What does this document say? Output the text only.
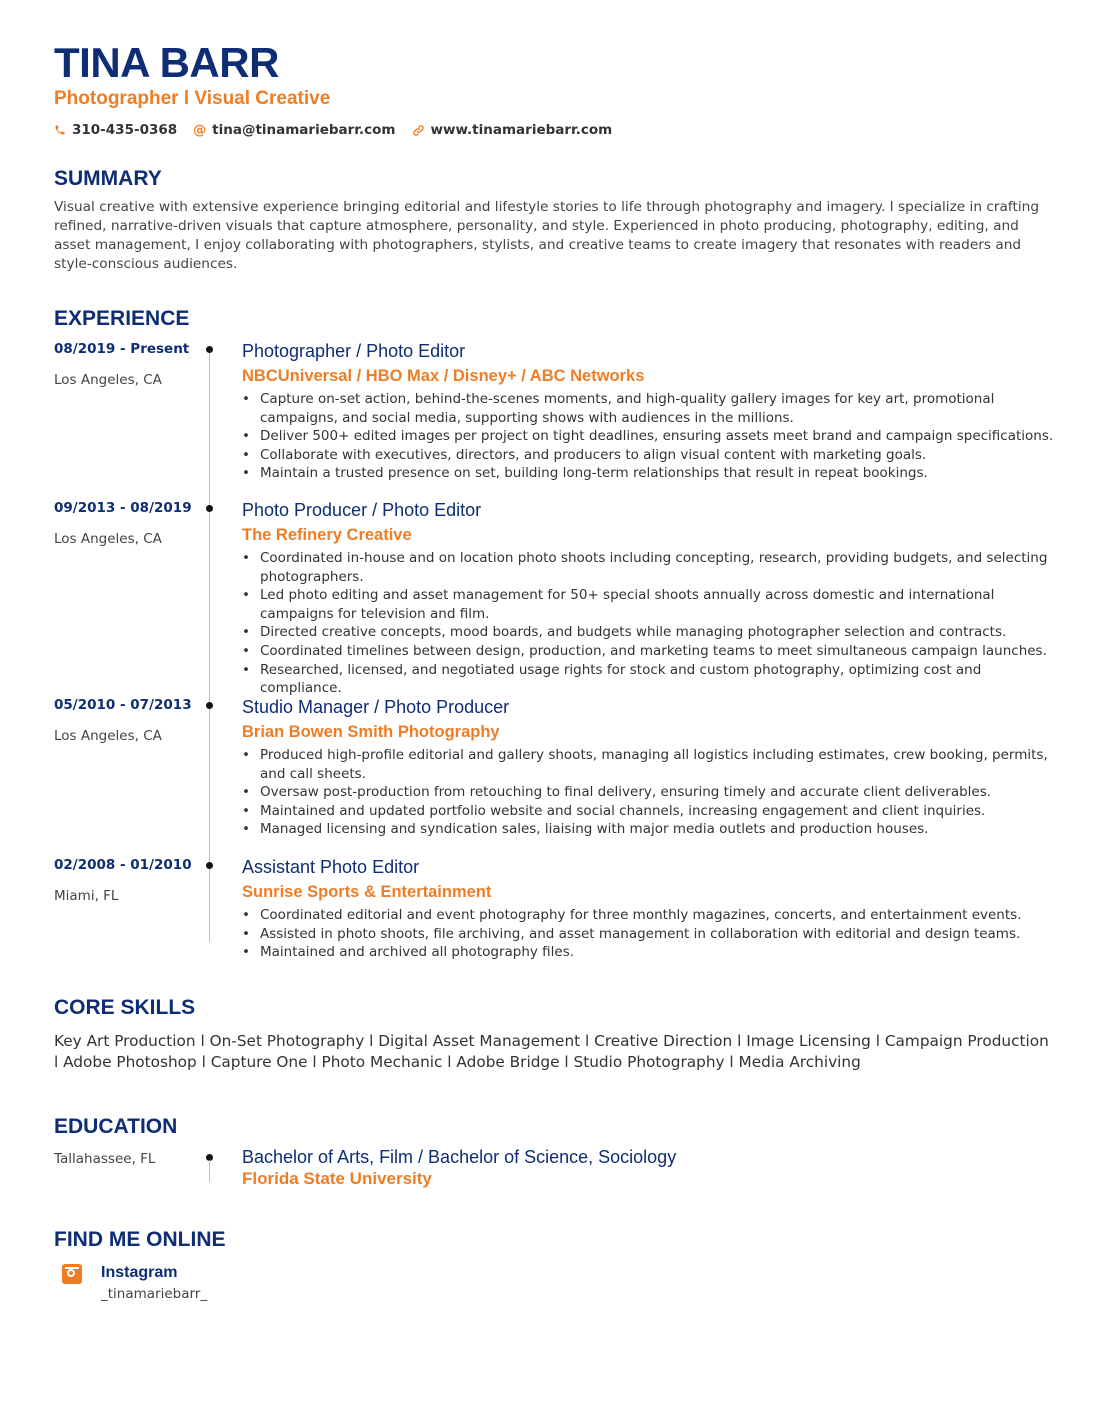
TINA BARR
Photographer l Visual Creative
310-435-0368 @ tina@tinamariebarr.com	www.tinamariebarr.com
SUMMARY
Visual creative with extensive experience bringing editorial and lifestyle stories to life through photography and imagery. I specialize in crafting refined, narrative-driven visuals that capture atmosphere, personality, and style. Experienced in photo producing, photography, editing, and asset management, I enjoy collaborating with photographers, stylists, and creative teams to create imagery that resonates with readers and style-conscious audiences.
EXPERIENCE
08/2019 - Present
Los Angeles, CA
Photographer / Photo Editor
NBCUniversal / HBO Max / Disney+ / ABC Networks
• Capture on-set action, behind-the-scenes moments, and high-quality gallery images for key art, promotional campaigns, and social media, supporting shows with audiences in the millions.
• Deliver 500+ edited images per project on tight deadlines, ensuring assets meet brand and campaign specifications.
• Collaborate with executives, directors, and producers to align visual content with marketing goals.
• Maintain a trusted presence on set, building long-term relationships that result in repeat bookings.
09/2013 - 08/2019
Los Angeles, CA
Photo Producer / Photo Editor
The Refinery Creative
• Coordinated in-house and on location photo shoots including concepting, research, providing budgets, and selecting photographers.
• Led photo editing and asset management for 50+ special shoots annually across domestic and international campaigns for television and film.
• Directed creative concepts, mood boards, and budgets while managing photographer selection and contracts.
• Coordinated timelines between design, production, and marketing teams to meet simultaneous campaign launches.
• Researched, licensed, and negotiated usage rights for stock and custom photography, optimizing cost and compliance.
05/2010 - 07/2013
Los Angeles, CA
Studio Manager / Photo Producer
Brian Bowen Smith Photography
• Produced high-profile editorial and gallery shoots, managing all logistics including estimates, crew booking, permits, and call sheets.
• Oversaw post-production from retouching to final delivery, ensuring timely and accurate client deliverables.
• Maintained and updated portfolio website and social channels, increasing engagement and client inquiries.
• Managed licensing and syndication sales, liaising with major media outlets and production houses.
02/2008 - 01/2010
Miami, FL
Assistant Photo Editor
Sunrise Sports & Entertainment
• Coordinated editorial and event photography for three monthly magazines, concerts, and entertainment events.
• Assisted in photo shoots, file archiving, and asset management in collaboration with editorial and design teams.
• Maintained and archived all photography files.
CORE SKILLS
Key Art Production l On-Set Photography l Digital Asset Management l Creative Direction l Image Licensing l Campaign Production l Adobe Photoshop l Capture One l Photo Mechanic l Adobe Bridge l Studio Photography l Media Archiving
EDUCATION
Tallahassee, FL	Bachelor of Arts, Film / Bachelor of Science, Sociology
Florida State University
FIND ME ONLINE
Instagram
_tinamariebarr_
